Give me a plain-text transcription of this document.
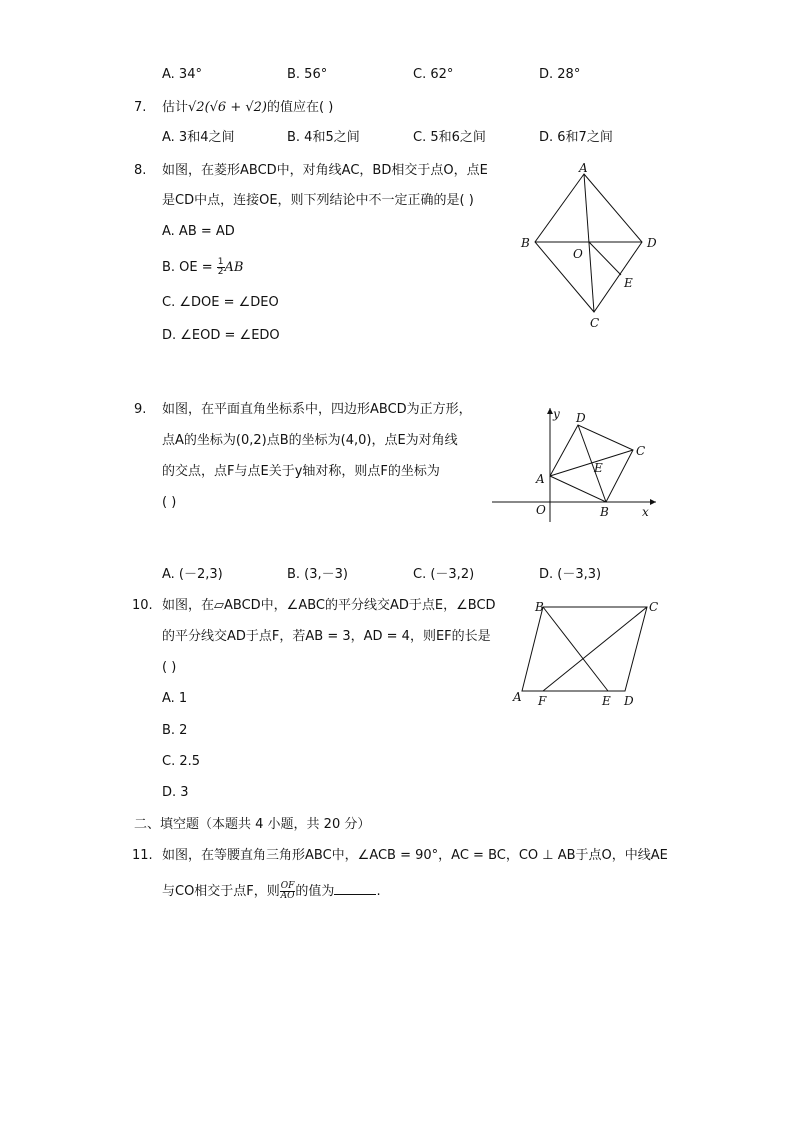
A. 34°	B. 56°	C. 62°	D. 28°
7. 估计√2(√6 + √2)的值应在( )
A. 3和4之间	B. 4和5之间	C. 5和6之间	D. 6和7之间
8. 如图，在菱形ABCD中，对角线AC，BD相交于点O，点E
是CD中点，连接OE，则下列结论中不一定正确的是( )
A. AB = AD
B. OE = $\frac{1}{2}$ AB
C. ∠DOE = ∠DEO
D. ∠EOD = ∠EDO
A
B
C
D
O
E
9. 如图，在平面直角坐标系中，四边形ABCD为正方形，
点A的坐标为(0,2)点B的坐标为(4,0)，点E为对角线
的交点，点F与点E关于y轴对称，则点F的坐标为
( )
y
x
O
A
B
C
D
E
A. (－2,3)	B. (3,－3)	C. (－3,2)	D. (－3,3)
10. 如图，在▱ABCD中，∠ABC的平分线交AD于点E，∠BCD
的平分线交AD于点F，若AB = 3，AD = 4，则EF的长是
( )
A. 1
B. 2
C. 2.5
D. 3
B	C
A F	E D
二、填空题（本题共 4 小题，共 20 分）
11. 如图，在等腰直角三角形ABC中，∠ACB = 90°，AC = BC，CO ⊥ AB于点O，中线AE
与CO相交于点F，则 $\frac{OF}{AO}$ 的值为	.
